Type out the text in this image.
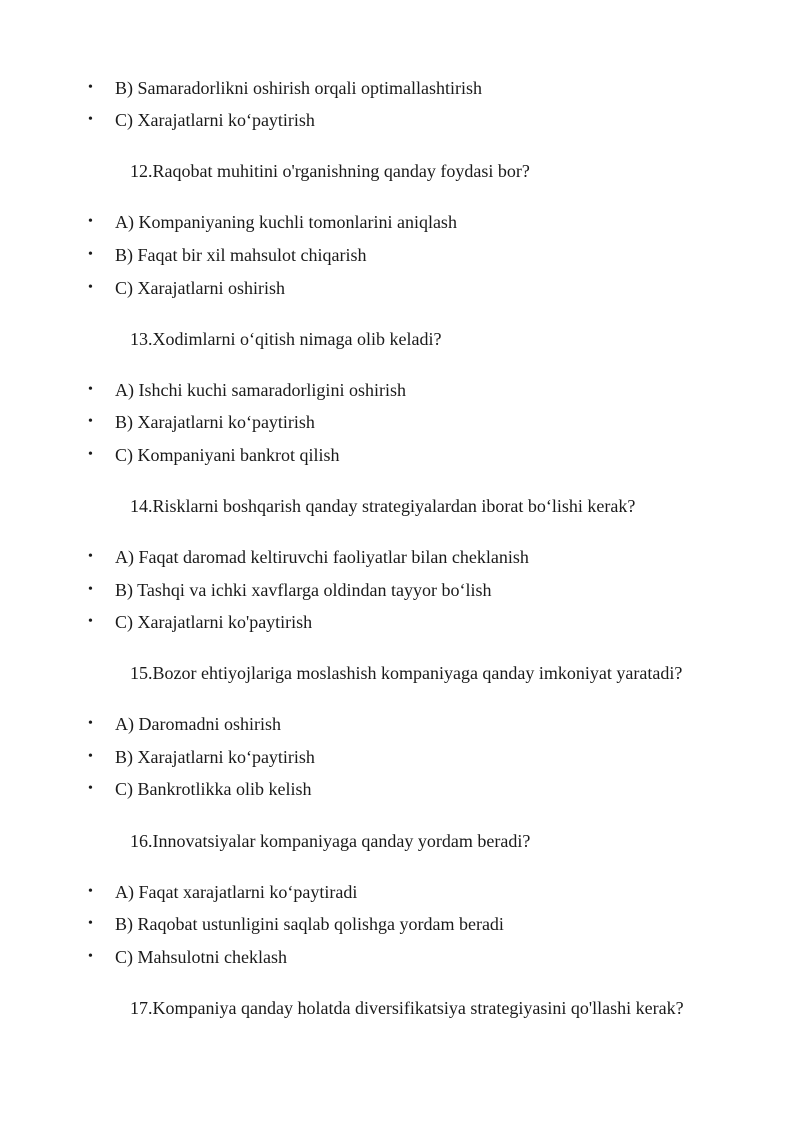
• B) Samaradorlikni oshirish orqali optimallashtirish
• C) Xarajatlarni ko‘paytirish
12.Raqobat muhitini o'rganishning qanday foydasi bor?
• A) Kompaniyaning kuchli tomonlarini aniqlash
• B) Faqat bir xil mahsulot chiqarish
• C) Xarajatlarni oshirish
13.Xodimlarni o‘qitish nimaga olib keladi?
• A) Ishchi kuchi samaradorligini oshirish
• B) Xarajatlarni ko‘paytirish
• C) Kompaniyani bankrot qilish
14.Risklarni boshqarish qanday strategiyalardan iborat bo‘lishi kerak?
• A) Faqat daromad keltiruvchi faoliyatlar bilan cheklanish
• B) Tashqi va ichki xavflarga oldindan tayyor bo‘lish
• C) Xarajatlarni ko'paytirish
15.Bozor ehtiyojlariga moslashish kompaniyaga qanday imkoniyat yaratadi?
• A) Daromadni oshirish
• B) Xarajatlarni ko‘paytirish
• C) Bankrotlikka olib kelish
16.Innovatsiyalar kompaniyaga qanday yordam beradi?
• A) Faqat xarajatlarni ko‘paytiradi
• B) Raqobat ustunligini saqlab qolishga yordam beradi
• C) Mahsulotni cheklash
17.Kompaniya qanday holatda diversifikatsiya strategiyasini qo'llashi kerak?
